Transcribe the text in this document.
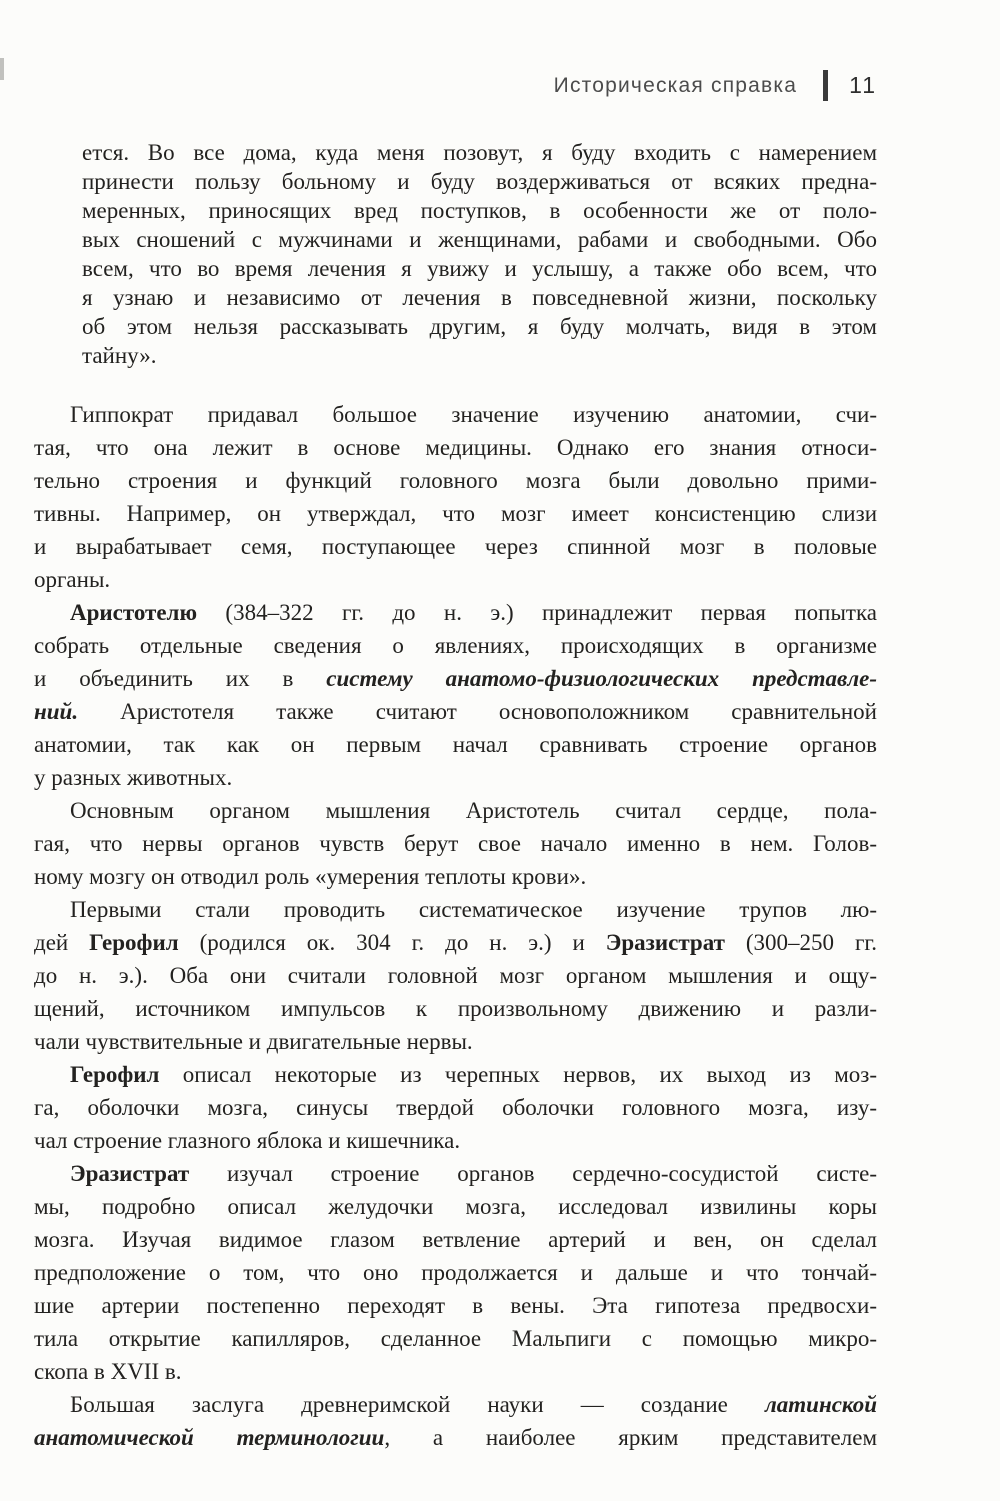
Историческая справка 11
ется. Во все дома, куда меня позовут, я буду входить с намерением
принести пользу больному и буду воздерживаться от всяких предна-
меренных, приносящих вред поступков, в особенности же от поло-
вых сношений с мужчинами и женщинами, рабами и свободными. Обо
всем, что во время лечения я увижу и услышу, а также обо всем, что
я узнаю и независимо от лечения в повседневной жизни, поскольку
об этом нельзя рассказывать другим, я буду молчать, видя в этом
тайну».
Гиппократ придавал большое значение изучению анатомии, счи-
тая, что она лежит в основе медицины. Однако его знания относи-
тельно строения и функций головного мозга были довольно прими-
тивны. Например, он утверждал, что мозг имеет консистенцию слизи
и вырабатывает семя, поступающее через спинной мозг в половые
органы.
Аристотелю (384–322 гг. до н. э.) принадлежит первая попытка
собрать отдельные сведения о явлениях, происходящих в организме
и объединить их в систему анатомо-физиологических представле-
ний. Аристотеля также считают основоположником сравнительной
анатомии, так как он первым начал сравнивать строение органов
у разных животных.
Основным органом мышления Аристотель считал сердце, пола-
гая, что нервы органов чувств берут свое начало именно в нем. Голов-
ному мозгу он отводил роль «умерения теплоты крови».
Первыми стали проводить систематическое изучение трупов лю-
дей Герофил (родился ок. 304 г. до н. э.) и Эразистрат (300–250 гг.
до н. э.). Оба они считали головной мозг органом мышления и ощу-
щений, источником импульсов к произвольному движению и разли-
чали чувствительные и двигательные нервы.
Герофил описал некоторые из черепных нервов, их выход из моз-
га, оболочки мозга, синусы твердой оболочки головного мозга, изу-
чал строение глазного яблока и кишечника.
Эразистрат изучал строение органов сердечно-сосудистой систе-
мы, подробно описал желудочки мозга, исследовал извилины коры
мозга. Изучая видимое глазом ветвление артерий и вен, он сделал
предположение о том, что оно продолжается и дальше и что тончай-
шие артерии постепенно переходят в вены. Эта гипотеза предвосхи-
тила открытие капилляров, сделанное Мальпиги с помощью микро-
скопа в XVII в.
Большая заслуга древнеримской науки — создание латинской
анатомической терминологии, а наиболее ярким представителем
